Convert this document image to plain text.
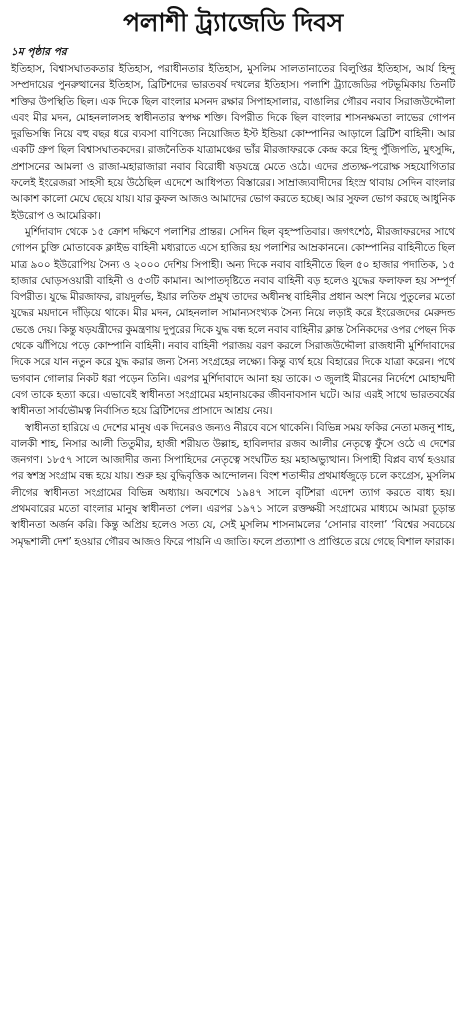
পলাশী ট্র্যাজেডি দিবস
১ম পৃষ্ঠার পর

ইতিহাস, বিশ্বাসঘাতকতার ইতিহাস, পরাধীনতার ইতিহাস, মুসলিম সালতানাতের বিলুপ্তির ইতিহাস, আর্য হিন্দু সম্প্রদায়ের পুনরুত্থানের ইতিহাস, ব্রিটিশদের ভারতবর্ষ দখলের ইতিহাস। পলাশি ট্র্যাজেডির পটভূমিকায় তিনটি শক্তির উপস্থিতি ছিল। এক দিকে ছিল বাংলার মসনদ রক্ষার সিপাহসালার, বাঙালির গৌরব নবাব সিরাজউদ্দৌলা এবং মীর মদন, মোহনলালসহ স্বাধীনতার স্বপক্ষ শক্তি। বিপরীত দিকে ছিল বাংলার শাসনক্ষমতা লাভের গোপন দুরভিসন্ধি নিয়ে বহু বছর ধরে ব্যবসা বাণিজ্যে নিয়োজিত ইস্ট ইন্ডিয়া কোম্পানির আড়ালে ব্রিটিশ বাহিনী। আর একটি গ্রুপ ছিল বিশ্বাসঘাতকদের। রাজনৈতিক যাত্রামঞ্চের ভাঁর মীরজাফরকে কেন্দ্র করে হিন্দু পুঁজিপতি, মুৎসুদ্দি, প্রশাসনের আমলা ও রাজা-মহারাজারা নবাব বিরোধী ষড়যন্ত্রে মেতে ওঠে। এদের প্রত্যক্ষ-পরোক্ষ সহযোগিতার ফলেই ইংরেজরা সাহসী হয়ে উঠেছিল এদেশে আধিপত্য বিস্তারের। সাম্রাজ্যবাদীদের হিংস্র থাবায় সেদিন বাংলার আকাশ কালো মেঘে ছেয়ে যায়। যার কুফল আজও আমাদের ভোগ করতে হচ্ছে। আর সুফল ভোগ করছে আধুনিক ইউরোপ ও আমেরিকা।

মুর্শিদাবাদ থেকে ১৫ ক্রোশ দক্ষিণে পলাশির প্রান্তর। সেদিন ছিল বৃহস্পতিবার। জগৎশেঠ, মীরজাফরদের সাথে গোপন চুক্তি মোতাবেক ক্লাইভ বাহিনী মধ্যরাতে এসে হাজির হয় পলাশির আম্রকাননে। কোম্পানির বাহিনীতে ছিল মাত্র ৯০০ ইউরোপিয় সৈন্য ও ২০০০ দেশিয় সিপাহী। অন্য দিকে নবাব বাহিনীতে ছিল ৫০ হাজার পদাতিক, ১৫ হাজার ঘোড়সওয়ারী বাহিনী ও ৫৩টি কামান। আপাতদৃষ্টিতে নবাব বাহিনী বড় হলেও যুদ্ধের ফলাফল হয় সম্পূর্ণ বিপরীত। যুদ্ধে মীরজাফর, রায়দুর্লভ, ইয়ার লতিফ প্রমুখ তাদের অধীনস্থ বাহিনীর প্রধান অংশ নিয়ে পুতুলের মতো যুদ্ধের ময়দানে দাঁড়িয়ে থাকে। মীর মদন, মোহনলাল সামান্যসংখ্যক সৈন্য নিয়ে লড়াই করে ইংরেজদের মেরুদন্ড ভেঙে দেয়। কিন্তু ষড়যন্ত্রীদের কুমন্ত্রণায় দুপুরের দিকে যুদ্ধ বন্ধ হলে নবাব বাহিনীর ক্লান্ত সৈনিকদের ওপর পেছন দিক থেকে ঝাঁপিয়ে পড়ে কোম্পানি বাহিনী। নবাব বাহিনী পরাজয় বরণ করলে সিরাজউদ্দৌলা রাজধানী মুর্শিদাবাদের দিকে সরে যান নতুন করে যুদ্ধ করার জন্য সৈন্য সংগ্রহের লক্ষ্যে। কিন্তু ব্যর্থ হয়ে বিহারের দিকে যাত্রা করেন। পথে ভগবান গোলার নিকট ধরা পড়েন তিনি। এরপর মুর্শিদাবাদে আনা হয় তাকে। ৩ জুলাই মীরনের নির্দেশে মোহাম্মদী বেগ তাকে হত্যা করে। এভাবেই স্বাধীনতা সংগ্রামের মহানায়কের জীবনাবসান ঘটে। আর এরই সাথে ভারতবর্ষের স্বাধীনতা সার্বভৌমত্ব নির্বাসিত হয়ে ব্রিটিশদের প্রাসাদে আশ্রয় নেয়।

স্বাধীনতা হারিয়ে এ দেশের মানুষ এক দিনেরও জন্যও নীরবে বসে থাকেনি। বিভিন্ন সময় ফকির নেতা মজনু শাহ, বালকী শাহ, নিসার আলী তিতুমীর, হাজী শরীয়ত উল্লাহ, হাবিলদার রজব আলীর নেতৃত্বে ফুঁসে ওঠে এ দেশের জনগণ। ১৮৫৭ সালে আজাদীর জন্য সিপাহিদের নেতৃত্বে সংঘটিত হয় মহাঅভ্যুত্থান। সিপাহী বিপ্লব ব্যর্থ হওয়ার পর স্বশস্ত্র সংগ্রাম বন্ধ হয়ে যায়। শুরু হয় বুদ্ধিবৃত্তিক আন্দোলন। বিংশ শতাব্দীর প্রথমার্ধজুড়ে চলে কংগ্রেস, মুসলিম লীগের স্বাধীনতা সংগ্রামের বিভিন্ন অধ্যায়। অবশেষে ১৯৪৭ সালে বৃটিশরা এদেশ ত্যাগ করতে বাধ্য হয়। প্রথমবারের মতো বাংলার মানুষ স্বাধীনতা পেল। এরপর ১৯৭১ সালে রক্তক্ষয়ী সংগ্রামের মাধ্যমে আমরা চূড়ান্ত স্বাধীনতা অর্জন করি। কিন্তু অপ্রিয় হলেও সত্য যে, সেই মুসলিম শাসনামলের ‘সোনার বাংলা’ ‘বিশ্বের সবচেয়ে সমৃদ্ধশালী দেশ’ হওয়ার গৌরব আজও ফিরে পায়নি এ জাতি। ফলে প্রত্যাশা ও প্রাপ্তিতে রয়ে গেছে বিশাল ফারাক।
